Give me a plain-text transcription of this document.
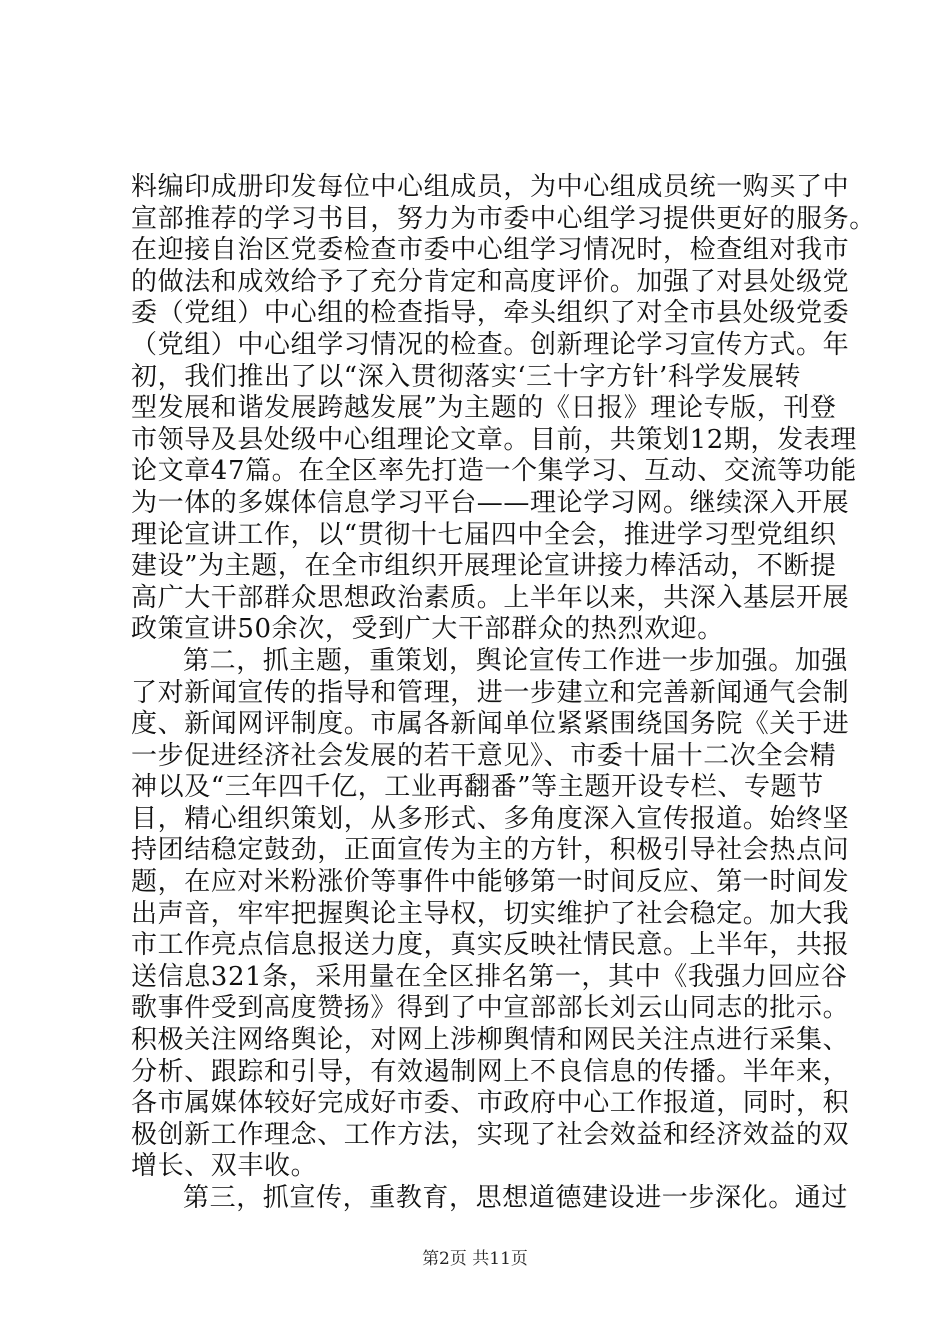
料编印成册印发每位中心组成员，为中心组成员统一购买了中
宣部推荐的学习书目，努力为市委中心组学习提供更好的服务。
在迎接自治区党委检查市委中心组学习情况时，检查组对我市
的做法和成效给予了充分肯定和高度评价。加强了对县处级党
委（党组）中心组的检查指导，牵头组织了对全市县处级党委
（党组）中心组学习情况的检查。创新理论学习宣传方式。年
初，我们推出了以“深入贯彻落实‘三十字方针’科学发展转
型发展和谐发展跨越发展”为主题的《日报》理论专版，刊登
市领导及县处级中心组理论文章。目前，共策划12期，发表理
论文章47篇。在全区率先打造一个集学习、互动、交流等功能
为一体的多媒体信息学习平台——理论学习网。继续深入开展
理论宣讲工作，以“贯彻十七届四中全会，推进学习型党组织
建设”为主题，在全市组织开展理论宣讲接力棒活动，不断提
高广大干部群众思想政治素质。上半年以来，共深入基层开展
政策宣讲50余次，受到广大干部群众的热烈欢迎。
第二，抓主题，重策划，舆论宣传工作进一步加强。加强
了对新闻宣传的指导和管理，进一步建立和完善新闻通气会制
度、新闻网评制度。市属各新闻单位紧紧围绕国务院《关于进
一步促进经济社会发展的若干意见》、市委十届十二次全会精
神以及“三年四千亿，工业再翻番”等主题开设专栏、专题节
目，精心组织策划，从多形式、多角度深入宣传报道。始终坚
持团结稳定鼓劲，正面宣传为主的方针，积极引导社会热点问
题，在应对米粉涨价等事件中能够第一时间反应、第一时间发
出声音，牢牢把握舆论主导权，切实维护了社会稳定。加大我
市工作亮点信息报送力度，真实反映社情民意。上半年，共报
送信息321条，采用量在全区排名第一，其中《我强力回应谷
歌事件受到高度赞扬》得到了中宣部部长刘云山同志的批示。
积极关注网络舆论，对网上涉柳舆情和网民关注点进行采集、
分析、跟踪和引导，有效遏制网上不良信息的传播。半年来，
各市属媒体较好完成好市委、市政府中心工作报道，同时，积
极创新工作理念、工作方法，实现了社会效益和经济效益的双
增长、双丰收。
第三，抓宣传，重教育，思想道德建设进一步深化。通过
第2页 共11页
